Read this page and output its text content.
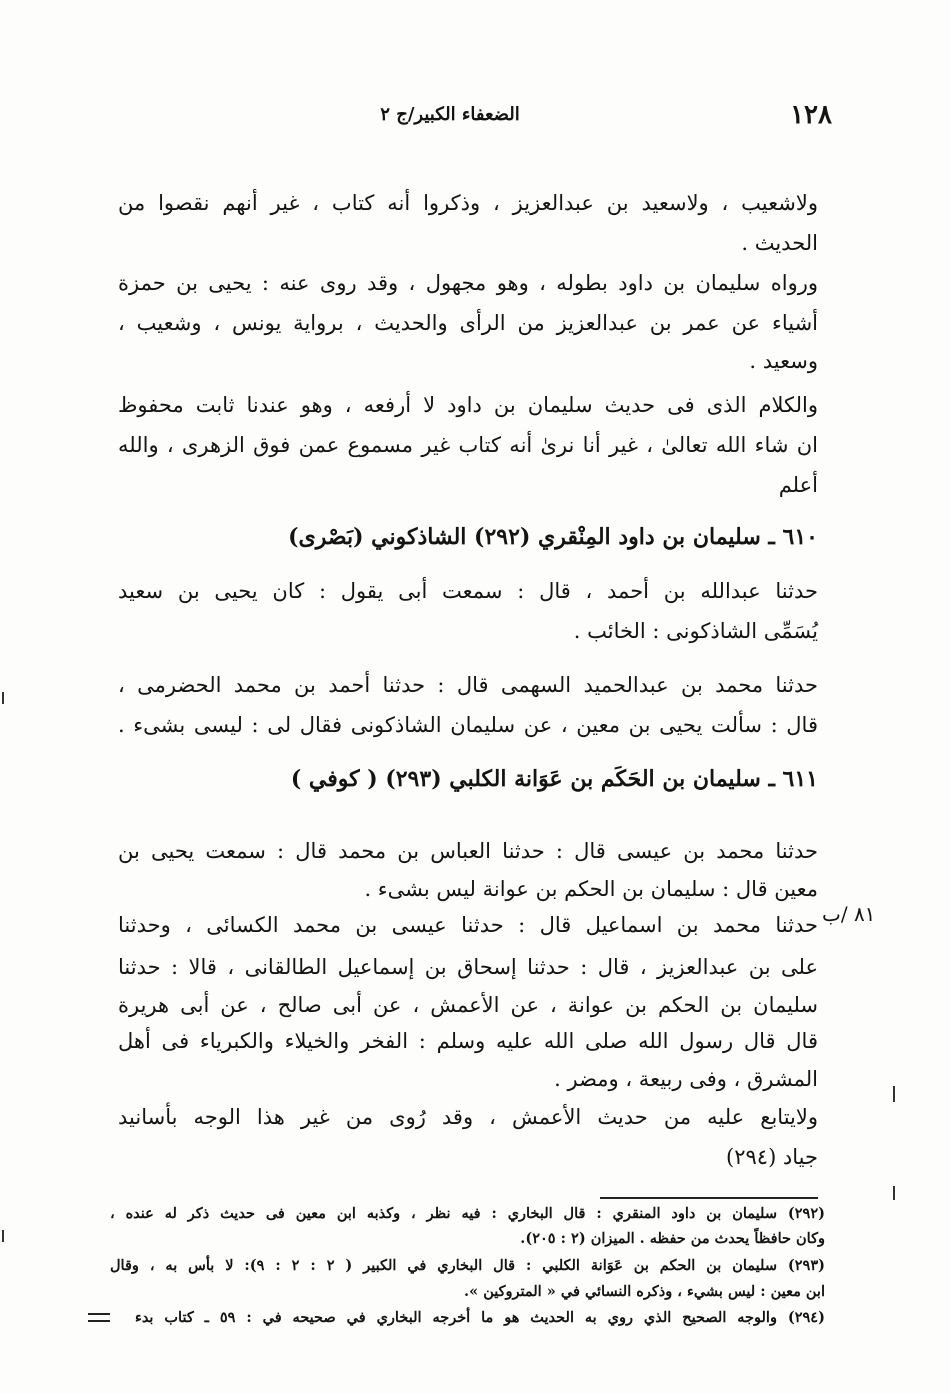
١٢٨
الضعفاء الكبير/ج ٢
ولاشعيب ، ولاسعيد بن عبدالعزيز ، وذكروا أنه كتاب ، غير أنهم نقصوا من
الحديث .
ورواه سليمان بن داود بطوله ، وهو مجهول ، وقد روى عنه : يحيى بن حمزة
أشياء عن عمر بن عبدالعزيز من الرأى والحديث ، برواية يونس ، وشعيب ،
وسعيد .
والكلام الذى فى حديث سليمان بن داود لا أرفعه ، وهو عندنا ثابت محفوظ
ان شاء الله تعالىٰ ، غير أنا نرىٰ أنه كتاب غير مسموع عمن فوق الزهرى ، والله
أعلم
٦١٠ ـ سليمان بن داود المِنْقري (٢٩٢) الشاذكوني (بَصْرى)
حدثنا عبدالله بن أحمد ، قال : سمعت أبى يقول : كان يحيى بن سعيد
يُسَمِّى الشاذكونى : الخائب .
حدثنا محمد بن عبدالحميد السهمى قال : حدثنا أحمد بن محمد الحضرمى ،
قال : سألت يحيى بن معين ، عن سليمان الشاذكونى فقال لى : ليسى بشىء .
٦١١ ـ سليمان بن الحَكَم بن عَوَانة الكلبي (٢٩٣) ( كوفي )
حدثنا محمد بن عيسى قال : حدثنا العباس بن محمد قال : سمعت يحيى بن
معين قال : سليمان بن الحكم بن عوانة ليس بشىء .
حدثنا محمد بن اسماعيل قال : حدثنا عيسى بن محمد الكسائى ، وحدثنا
على بن عبدالعزيز ، قال : حدثنا إسحاق بن إسماعيل الطالقانى ، قالا : حدثنا
سليمان بن الحكم بن عوانة ، عن الأعمش ، عن أبى صالح ، عن أبى هريرة
قال قال رسول الله صلى الله عليه وسلم : الفخر والخيلاء والكبرياء فى أهل
المشرق ، وفى ربيعة ، ومضر .
ولايتابع عليه من حديث الأعمش ، وقد رُوى من غير هذا الوجه بأسانيد
جياد (٢٩٤)
٨١ /ب
(٢٩٢) سليمان بن داود المنقري : قال البخاري : فيه نظر ، وكذبه ابن معين فى حديث ذكر له عنده ،
وكان حافظاً يحدث من حفظه . الميزان (٢ : ٢٠٥).
(٢٩٣) سليمان بن الحكم بن عَوَانة الكلبي : قال البخاري في الكبير ( ٢ : ٢ : ٩): لا بأس به ، وقال
ابن معين : ليس بشيء ، وذكره النسائي في « المتروكين ».
(٢٩٤) والوجه الصحيح الذي روي به الحديث هو ما أخرجه البخاري في صحيحه في : ٥٩ ـ كتاب بدء
